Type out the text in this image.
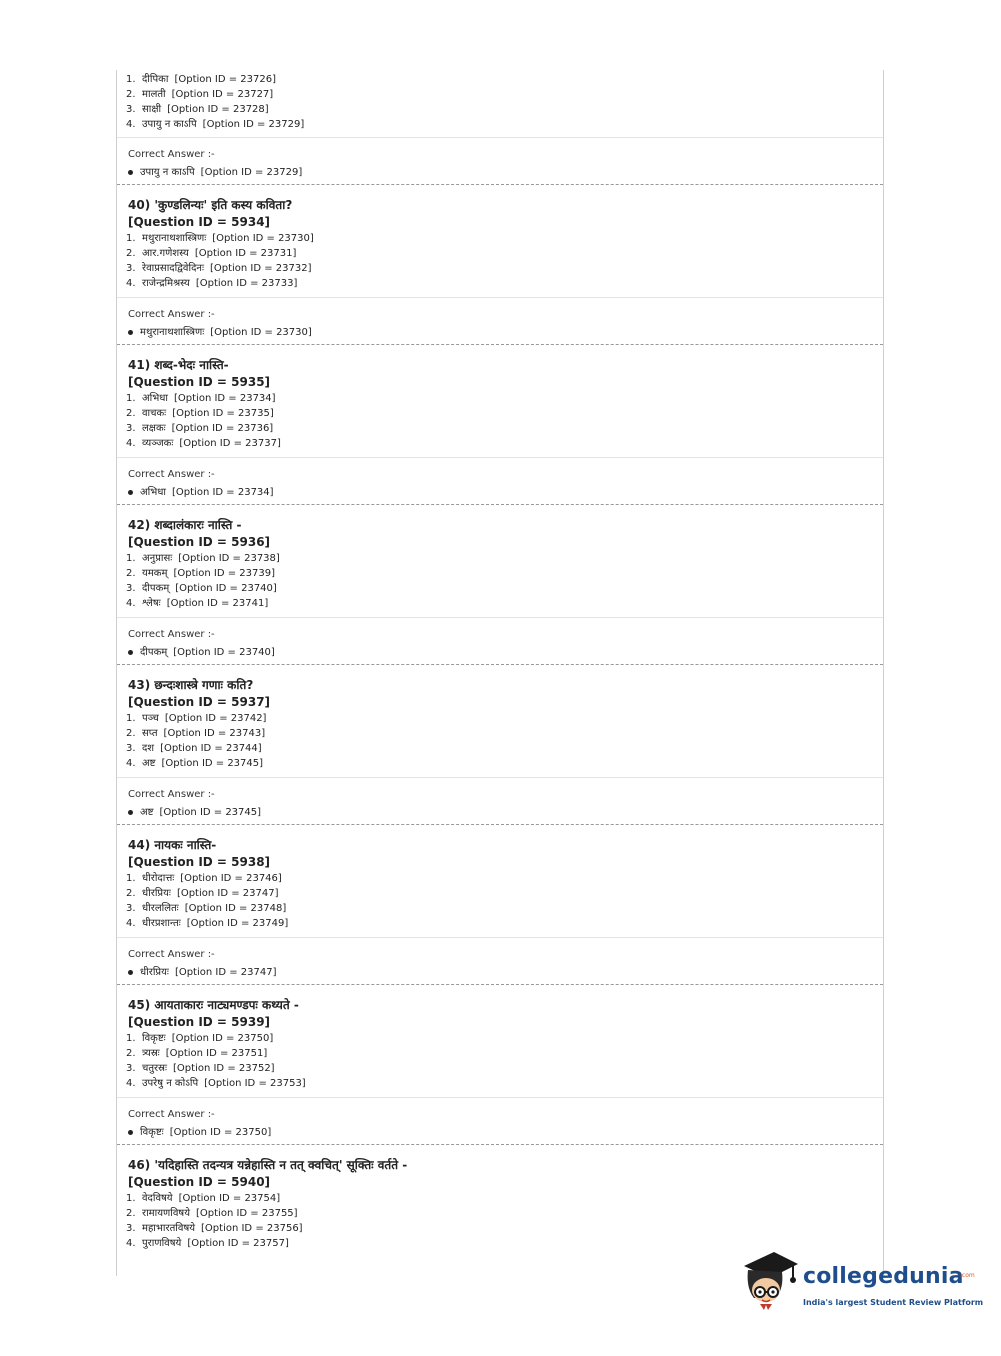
1. दीपिका [Option ID = 23726]
2. मालती [Option ID = 23727]
3. साक्षी [Option ID = 23728]
4. उपायु न काऽपि [Option ID = 23729]
Correct Answer :-
उपायु न काऽपि [Option ID = 23729]
40) 'कुण्डलिन्यः' इति कस्य कविता?
[Question ID = 5934]
1. मथुरानाथशास्त्रिणः [Option ID = 23730]
2. आर.गणेशस्य [Option ID = 23731]
3. रेवाप्रसादद्विवेदिनः [Option ID = 23732]
4. राजेन्द्रमिश्रस्य [Option ID = 23733]
Correct Answer :-
मथुरानाथशास्त्रिणः [Option ID = 23730]
41) शब्द-भेदः नास्ति-
[Question ID = 5935]
1. अभिधा [Option ID = 23734]
2. वाचकः [Option ID = 23735]
3. लक्षकः [Option ID = 23736]
4. व्यञ्जकः [Option ID = 23737]
Correct Answer :-
अभिधा [Option ID = 23734]
42) शब्दालंकारः नास्ति -
[Question ID = 5936]
1. अनुप्रासः [Option ID = 23738]
2. यमकम् [Option ID = 23739]
3. दीपकम् [Option ID = 23740]
4. श्लेषः [Option ID = 23741]
Correct Answer :-
दीपकम् [Option ID = 23740]
43) छन्दःशास्त्रे गणाः कति?
[Question ID = 5937]
1. पञ्च [Option ID = 23742]
2. सप्त [Option ID = 23743]
3. दश [Option ID = 23744]
4. अष्ट [Option ID = 23745]
Correct Answer :-
अष्ट [Option ID = 23745]
44) नायकः नास्ति-
[Question ID = 5938]
1. धीरोदात्तः [Option ID = 23746]
2. धीरप्रियः [Option ID = 23747]
3. धीरललितः [Option ID = 23748]
4. धीरप्रशान्तः [Option ID = 23749]
Correct Answer :-
धीरप्रियः [Option ID = 23747]
45) आयताकारः नाट्यमण्डपः कथ्यते -
[Question ID = 5939]
1. विकृष्टः [Option ID = 23750]
2. त्र्यस्रः [Option ID = 23751]
3. चतुरस्रः [Option ID = 23752]
4. उपरेषु न कोऽपि [Option ID = 23753]
Correct Answer :-
विकृष्टः [Option ID = 23750]
46) 'यदिहास्ति तदन्यत्र यन्नेहास्ति न तत् क्वचित्' सूक्तिः वर्तते -
[Question ID = 5940]
1. वेदविषये [Option ID = 23754]
2. रामायणविषये [Option ID = 23755]
3. महाभारतविषये [Option ID = 23756]
4. पुराणविषये [Option ID = 23757]
collegedunia
.com
India's largest Student Review Platform
